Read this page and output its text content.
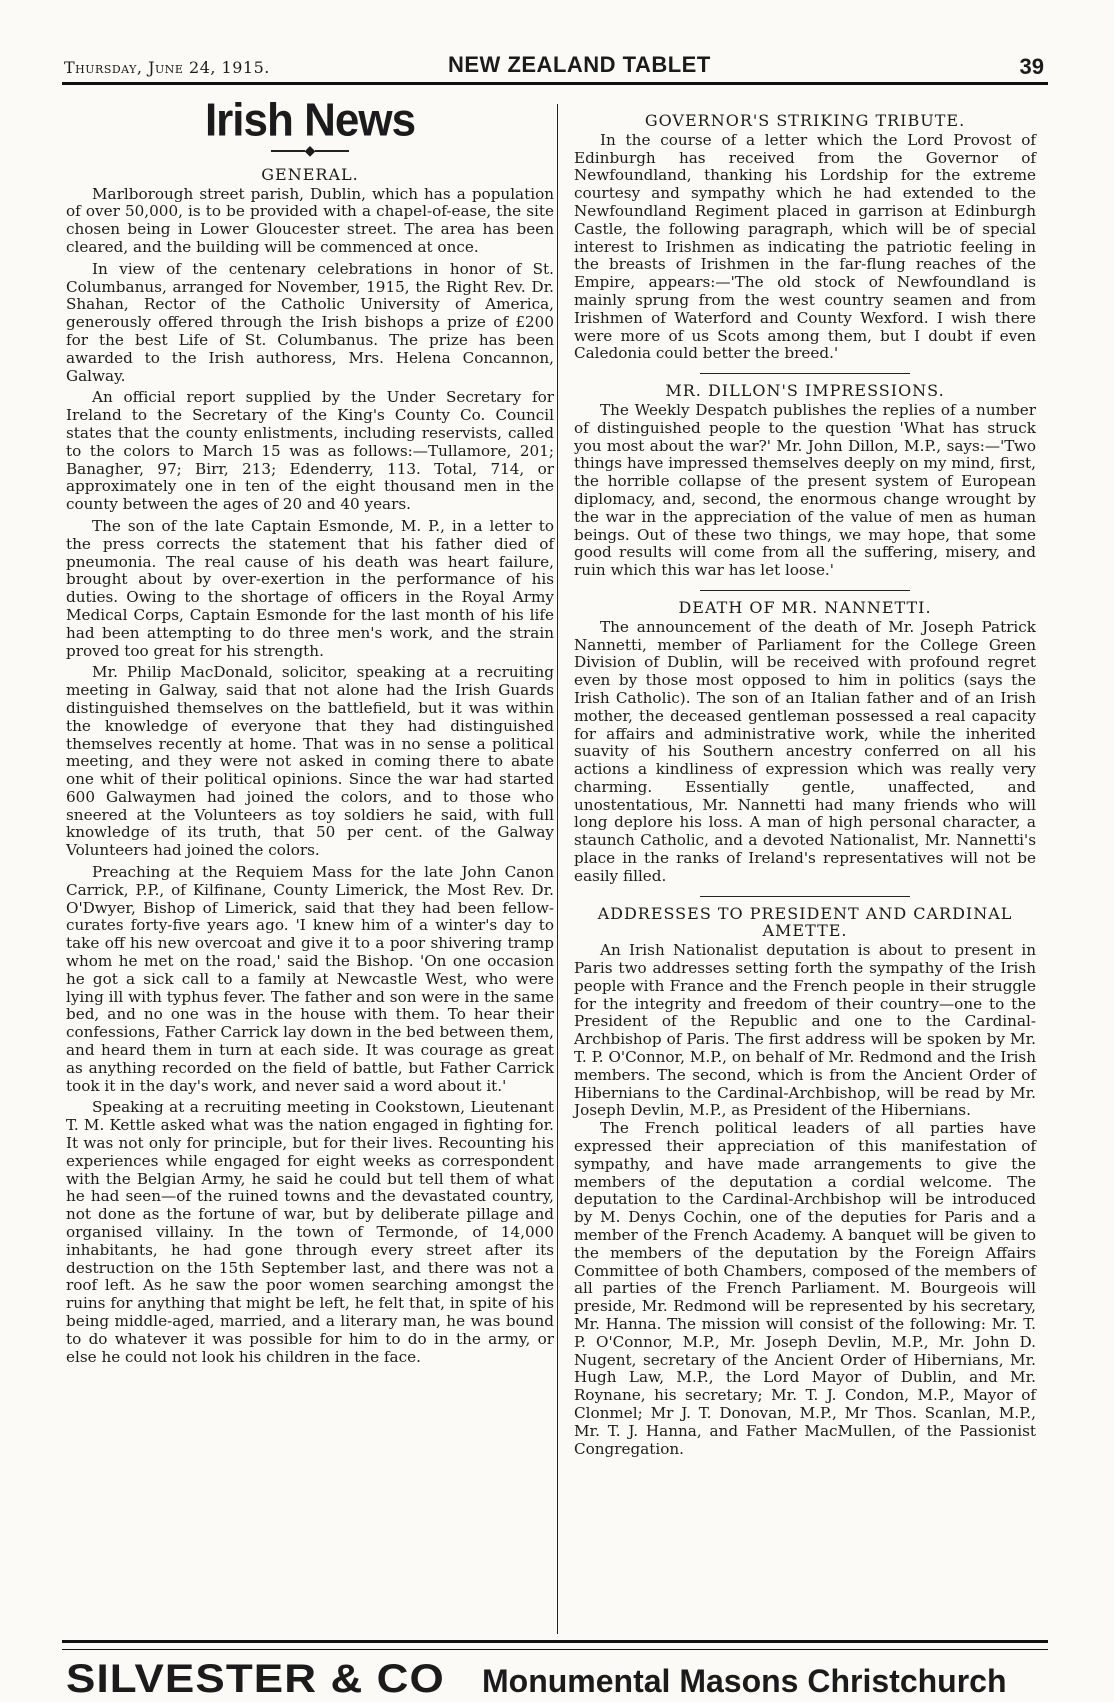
Thursday, June 24, 1915.	NEW ZEALAND TABLET	39
Irish News
◆
GENERAL.

Marlborough street parish, Dublin, which has a population of over 50,000, is to be provided with a chapel-of-ease, the site chosen being in Lower Gloucester street. The area has been cleared, and the building will be commenced at once.

In view of the centenary celebrations in honor of St. Columbanus, arranged for November, 1915, the Right Rev. Dr. Shahan, Rector of the Catholic University of America, generously offered through the Irish bishops a prize of £200 for the best Life of St. Columbanus. The prize has been awarded to the Irish authoress, Mrs. Helena Concannon, Galway.

An official report supplied by the Under Secretary for Ireland to the Secretary of the King's County Co. Council states that the county enlistments, including reservists, called to the colors to March 15 was as follows:—Tullamore, 201; Banagher, 97; Birr, 213; Edenderry, 113. Total, 714, or approximately one in ten of the eight thousand men in the county between the ages of 20 and 40 years.

The son of the late Captain Esmonde, M. P., in a letter to the press corrects the statement that his father died of pneumonia. The real cause of his death was heart failure, brought about by over-exertion in the performance of his duties. Owing to the shortage of officers in the Royal Army Medical Corps, Captain Esmonde for the last month of his life had been attempting to do three men's work, and the strain proved too great for his strength.

Mr. Philip MacDonald, solicitor, speaking at a recruiting meeting in Galway, said that not alone had the Irish Guards distinguished themselves on the battlefield, but it was within the knowledge of everyone that they had distinguished themselves recently at home. That was in no sense a political meeting, and they were not asked in coming there to abate one whit of their political opinions. Since the war had started 600 Galwaymen had joined the colors, and to those who sneered at the Volunteers as toy soldiers he said, with full knowledge of its truth, that 50 per cent. of the Galway Volunteers had joined the colors.

Preaching at the Requiem Mass for the late John Canon Carrick, P.P., of Kilfinane, County Limerick, the Most Rev. Dr. O'Dwyer, Bishop of Limerick, said that they had been fellow-curates forty-five years ago. 'I knew him of a winter's day to take off his new overcoat and give it to a poor shivering tramp whom he met on the road,' said the Bishop. 'On one occasion he got a sick call to a family at Newcastle West, who were lying ill with typhus fever. The father and son were in the same bed, and no one was in the house with them. To hear their confessions, Father Carrick lay down in the bed between them, and heard them in turn at each side. It was courage as great as anything recorded on the field of battle, but Father Carrick took it in the day's work, and never said a word about it.'

Speaking at a recruiting meeting in Cookstown, Lieutenant T. M. Kettle asked what was the nation engaged in fighting for. It was not only for principle, but for their lives. Recounting his experiences while engaged for eight weeks as correspondent with the Belgian Army, he said he could but tell them of what he had seen—of the ruined towns and the devastated country, not done as the fortune of war, but by deliberate pillage and organised villainy. In the town of Termonde, of 14,000 inhabitants, he had gone through every street after its destruction on the 15th September last, and there was not a roof left. As he saw the poor women searching amongst the ruins for anything that might be left, he felt that, in spite of his being middle-aged, married, and a literary man, he was bound to do whatever it was possible for him to do in the army, or else he could not look his children in the face.

GOVERNOR'S STRIKING TRIBUTE.

In the course of a letter which the Lord Provost of Edinburgh has received from the Governor of Newfoundland, thanking his Lordship for the extreme courtesy and sympathy which he had extended to the Newfoundland Regiment placed in garrison at Edinburgh Castle, the following paragraph, which will be of special interest to Irishmen as indicating the patriotic feeling in the breasts of Irishmen in the far-flung reaches of the Empire, appears:—'The old stock of Newfoundland is mainly sprung from the west country seamen and from Irishmen of Waterford and County Wexford. I wish there were more of us Scots among them, but I doubt if even Caledonia could better the breed.'

MR. DILLON'S IMPRESSIONS.

The Weekly Despatch publishes the replies of a number of distinguished people to the question 'What has struck you most about the war?' Mr. John Dillon, M.P., says:—'Two things have impressed themselves deeply on my mind, first, the horrible collapse of the present system of European diplomacy, and, second, the enormous change wrought by the war in the appreciation of the value of men as human beings. Out of these two things, we may hope, that some good results will come from all the suffering, misery, and ruin which this war has let loose.'

DEATH OF MR. NANNETTI.

The announcement of the death of Mr. Joseph Patrick Nannetti, member of Parliament for the College Green Division of Dublin, will be received with profound regret even by those most opposed to him in politics (says the Irish Catholic). The son of an Italian father and of an Irish mother, the deceased gentleman possessed a real capacity for affairs and administrative work, while the inherited suavity of his Southern ancestry conferred on all his actions a kindliness of expression which was really very charming. Essentially gentle, unaffected, and unostentatious, Mr. Nannetti had many friends who will long deplore his loss. A man of high personal character, a staunch Catholic, and a devoted Nationalist, Mr. Nannetti's place in the ranks of Ireland's representatives will not be easily filled.

ADDRESSES TO PRESIDENT AND CARDINAL AMETTE.

An Irish Nationalist deputation is about to present in Paris two addresses setting forth the sympathy of the Irish people with France and the French people in their struggle for the integrity and freedom of their country—one to the President of the Republic and one to the Cardinal-Archbishop of Paris. The first address will be spoken by Mr. T. P. O'Connor, M.P., on behalf of Mr. Redmond and the Irish members. The second, which is from the Ancient Order of Hibernians to the Cardinal-Archbishop, will be read by Mr. Joseph Devlin, M.P., as President of the Hibernians.

The French political leaders of all parties have expressed their appreciation of this manifestation of sympathy, and have made arrangements to give the members of the deputation a cordial welcome. The deputation to the Cardinal-Archbishop will be introduced by M. Denys Cochin, one of the deputies for Paris and a member of the French Academy. A banquet will be given to the members of the deputation by the Foreign Affairs Committee of both Chambers, composed of the members of all parties of the French Parliament. M. Bourgeois will preside, Mr. Redmond will be represented by his secretary, Mr. Hanna. The mission will consist of the following: Mr. T. P. O'Connor, M.P., Mr. Joseph Devlin, M.P., Mr. John D. Nugent, secretary of the Ancient Order of Hibernians, Mr. Hugh Law, M.P., the Lord Mayor of Dublin, and Mr. Roynane, his secretary; Mr. T. J. Condon, M.P., Mayor of Clonmel; Mr J. T. Donovan, M.P., Mr Thos. Scanlan, M.P., Mr. T. J. Hanna, and Father MacMullen, of the Passionist Congregation.

SILVESTER & CO Monumental Masons Christchurch
